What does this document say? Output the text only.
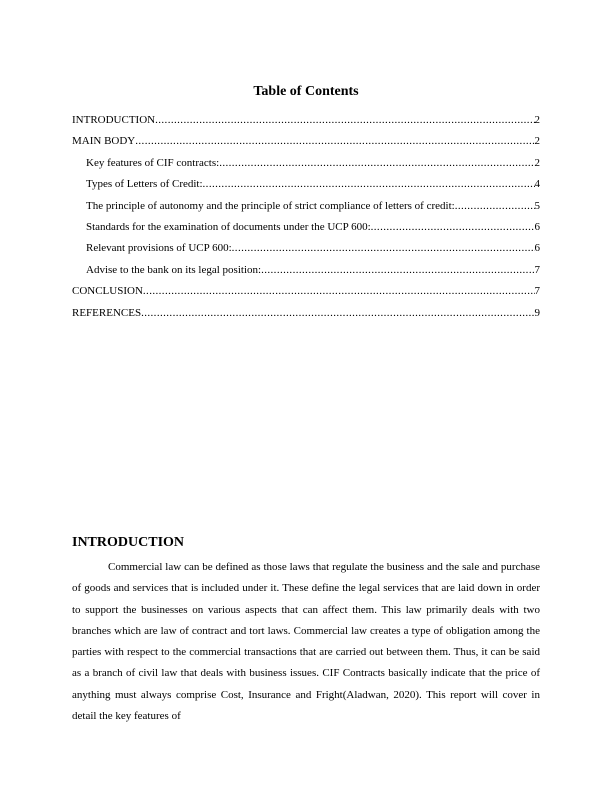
Table of Contents
INTRODUCTION .....	2
MAIN BODY .....	2
Key features of CIF contracts: .....	2
Types of Letters of Credit: .....	4
The principle of autonomy and the principle of strict compliance of letters of credit: .....	5
Standards for the examination of documents under the UCP 600: .....	6
Relevant provisions of UCP 600: .....	6
Advise to the bank on its legal position: .....	7
CONCLUSION .....	7
REFERENCES .....	9
INTRODUCTION

Commercial law can be defined as those laws that regulate the business and the sale and purchase of goods and services that is included under it. These define the legal services that are laid down in order to support the businesses on various aspects that can affect them. This law primarily deals with two branches which are law of contract and tort laws. Commercial law creates a type of obligation among the parties with respect to the commercial transactions that are carried out between them. Thus, it can be said as a branch of civil law that deals with business issues. CIF Contracts basically indicate that the price of anything must always comprise Cost, Insurance and Fright(Aladwan, 2020). This report will cover in detail the key features of
